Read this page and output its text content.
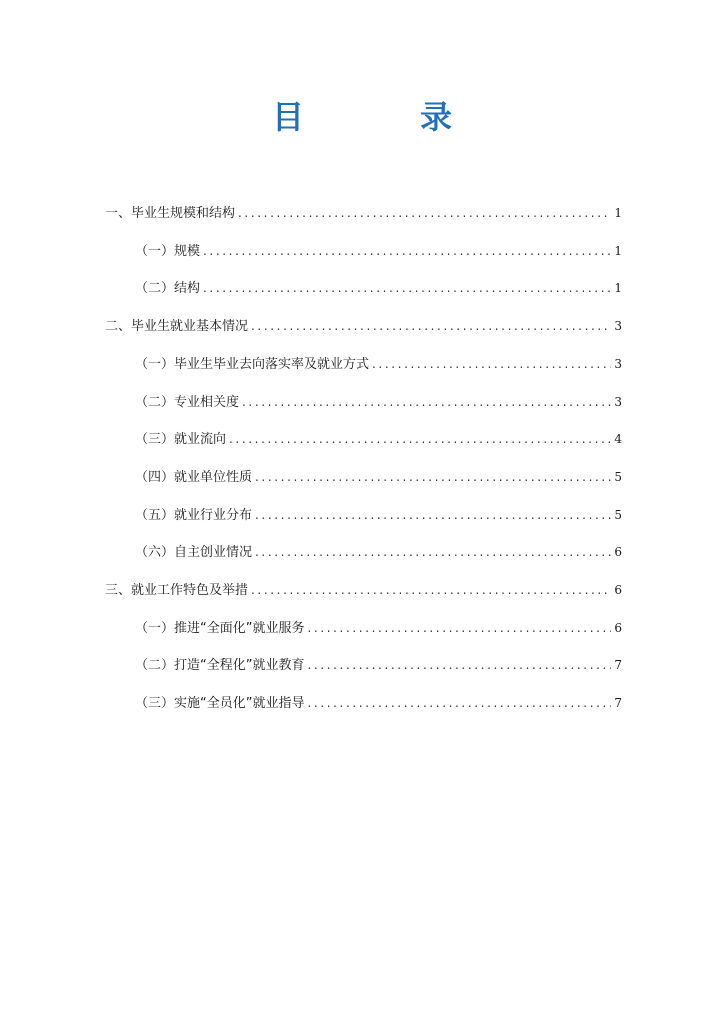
目　录
一、毕业生规模和结构 .....	1
（一）规模 .....	1
（二）结构 .....	1
二、毕业生就业基本情况 .....	3
（一）毕业生毕业去向落实率及就业方式 .....	3
（二）专业相关度 .....	3
（三）就业流向 .....	4
（四）就业单位性质 .....	5
（五）就业行业分布 .....	5
（六）自主创业情况 .....	6
三、就业工作特色及举措 .....	6
（一）推进“全面化”就业服务 .....	6
（二）打造“全程化”就业教育 .....	7
（三）实施“全员化”就业指导 .....	7
